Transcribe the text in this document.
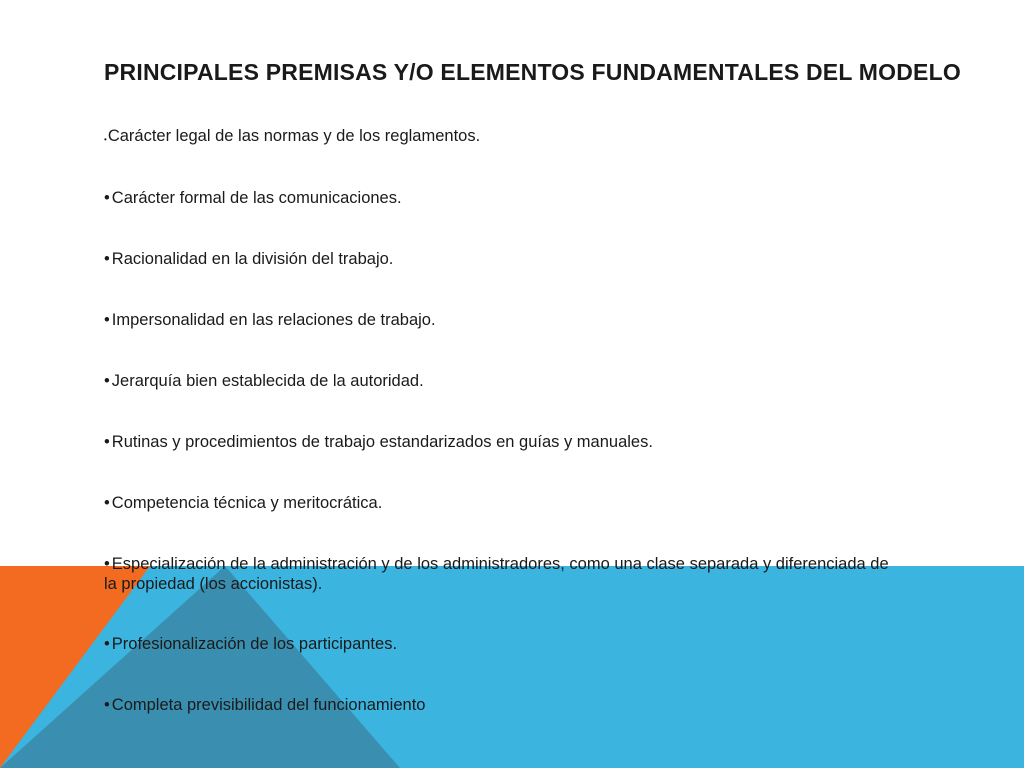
PRINCIPALES PREMISAS Y/O ELEMENTOS FUNDAMENTALES DEL MODELO
•Carácter legal de las normas y de los reglamentos.
• Carácter formal de las comunicaciones.
• Racionalidad en la división del trabajo.
• Impersonalidad en las relaciones de trabajo.
• Jerarquía bien establecida de la autoridad.
• Rutinas y procedimientos de trabajo estandarizados en guías y manuales.
• Competencia técnica y meritocrática.
• Especialización de la administración y de los administradores, como una clase separada y diferenciada de la propiedad (los accionistas).
• Profesionalización de los participantes.
• Completa previsibilidad del funcionamiento
